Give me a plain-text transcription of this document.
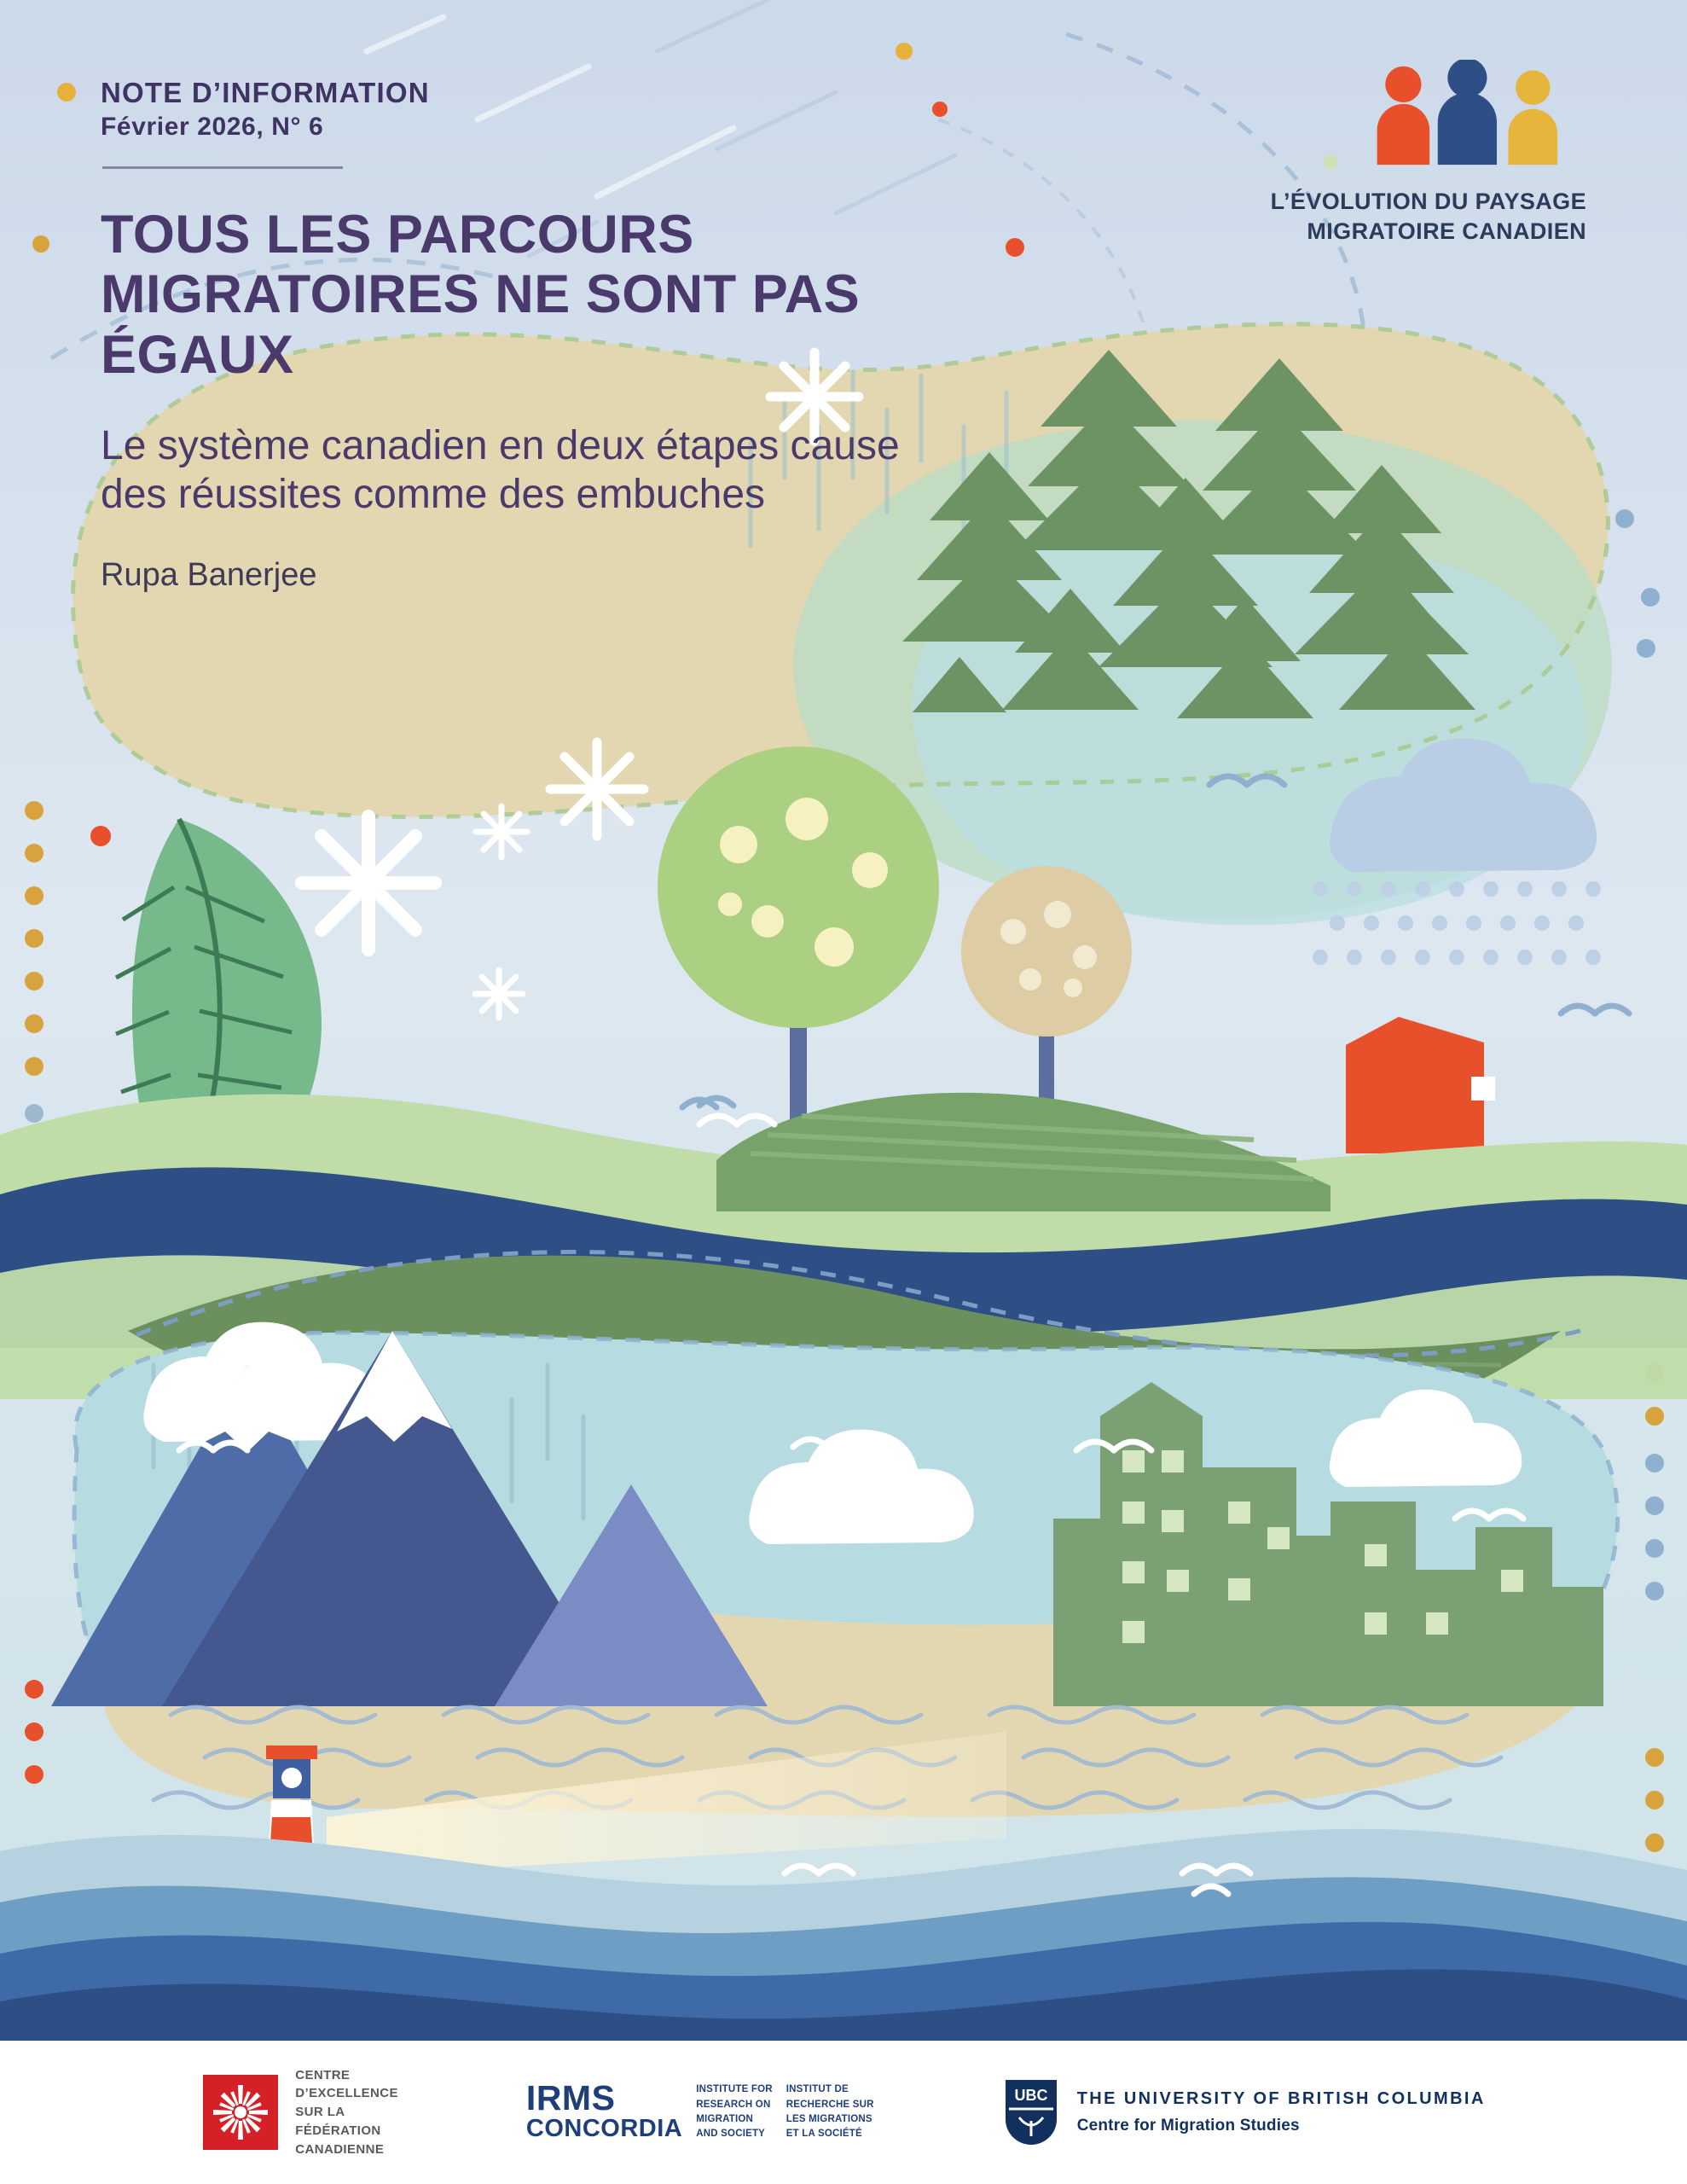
NOTE D’INFORMATION
Février 2026, N° 6
TOUS LES PARCOURS MIGRATOIRES NE SONT PAS ÉGAUX
Le système canadien en deux étapes cause des réussites comme des embuches
Rupa Banerjee
L’ÉVOLUTION DU PAYSAGE
MIGRATOIRE CANADIEN
CENTRE
D’EXCELLENCE
SUR LA
FÉDÉRATION
CANADIENNE
IRMS
CONCORDIA
INSTITUTE FOR
RESEARCH ON
MIGRATION
AND SOCIETY
INSTITUT DE
RECHERCHE SUR
LES MIGRATIONS
ET LA SOCIÉTÉ
UBC THE UNIVERSITY OF BRITISH COLUMBIA
Centre for Migration Studies
